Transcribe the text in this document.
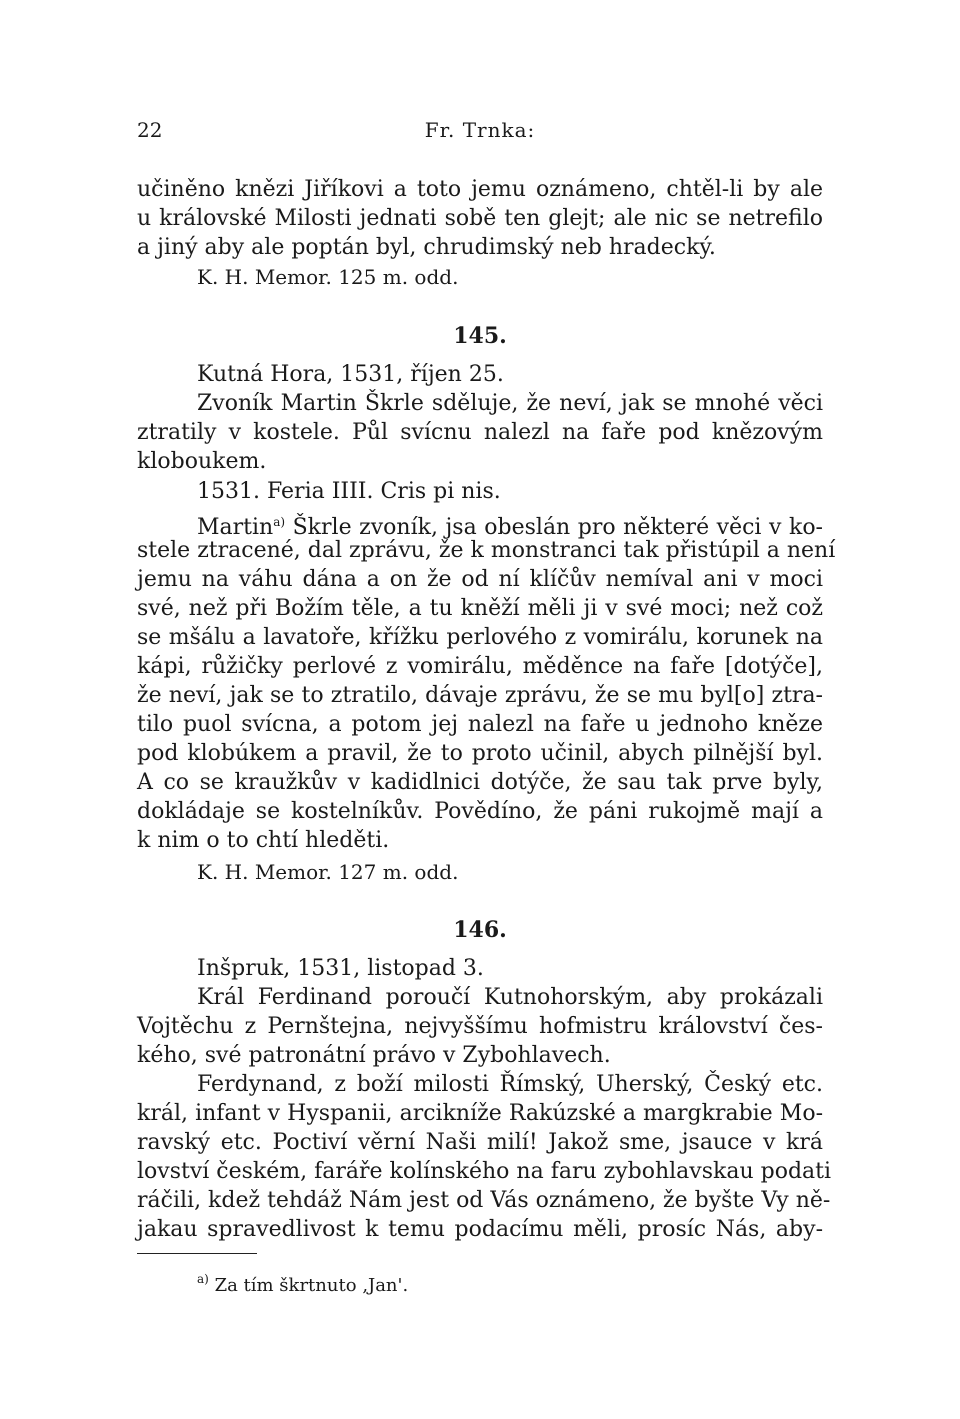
22	Fr. Trnka:
učiněno knězi Jiříkovi a toto jemu oznámeno, chtěl-li by ale
u královské Milosti jednati sobě ten glejt; ale nic se netrefilo
a jiný aby ale poptán byl, chrudimský neb hradecký.
K. H. Memor. 125 m. odd.
145.
Kutná Hora, 1531, říjen 25.
Zvoník Martin Škrle sděluje, že neví, jak se mnohé věci
ztratily v kostele. Půl svícnu nalezl na faře pod knězovým
kloboukem.
1531. Feria IIII. Cris pi nis.
Martin$^{a)}$ Škrle zvoník, jsa obeslán pro některé věci v ko-
stele ztracené, dal zprávu, že k monstranci tak přistúpil a není
jemu na váhu dána a on že od ní klíčův nemíval ani v moci
své, než při Božím těle, a tu kněží měli ji v své moci; než což
se mšálu a lavatoře, křížku perlového z vomirálu, korunek na
kápi, růžičky perlové z vomirálu, měděnce na faře [dotýče],
že neví, jak se to ztratilo, dávaje zprávu, že se mu byl[o] ztra-
tilo puol svícna, a potom jej nalezl na faře u jednoho kněze
pod klobúkem a pravil, že to proto učinil, abych pilnější byl.
A co se kraužkův v kadidlnici dotýče, že sau tak prve byly,
dokládaje se kostelníkův. Povědíno, že páni rukojmě mají a
k nim o to chtí hleděti.
K. H. Memor. 127 m. odd.
146.
Inšpruk, 1531, listopad 3.
Král Ferdinand poroučí Kutnohorským, aby prokázali
Vojtěchu z Pernštejna, nejvyššímu hofmistru království čes-
kého, své patronátní právo v Zybohlavech.
Ferdynand, z boží milosti Římský, Uherský, Český etc.
král, infant v Hyspanii, arcikníže Rakúzské a margkrabie Mo-
ravský etc. Poctiví věrní Naši milí! Jakož sme, jsauce v krá
lovství českém, faráře kolínského na faru zybohlavskau podati
ráčili, kdež tehdáž Nám jest od Vás oznámeno, že byšte Vy ně-
jakau spravedlivost k temu podacímu měli, prosíc Nás, aby-
$^{a)}$ Za tím škrtnuto ‚Jan'.
